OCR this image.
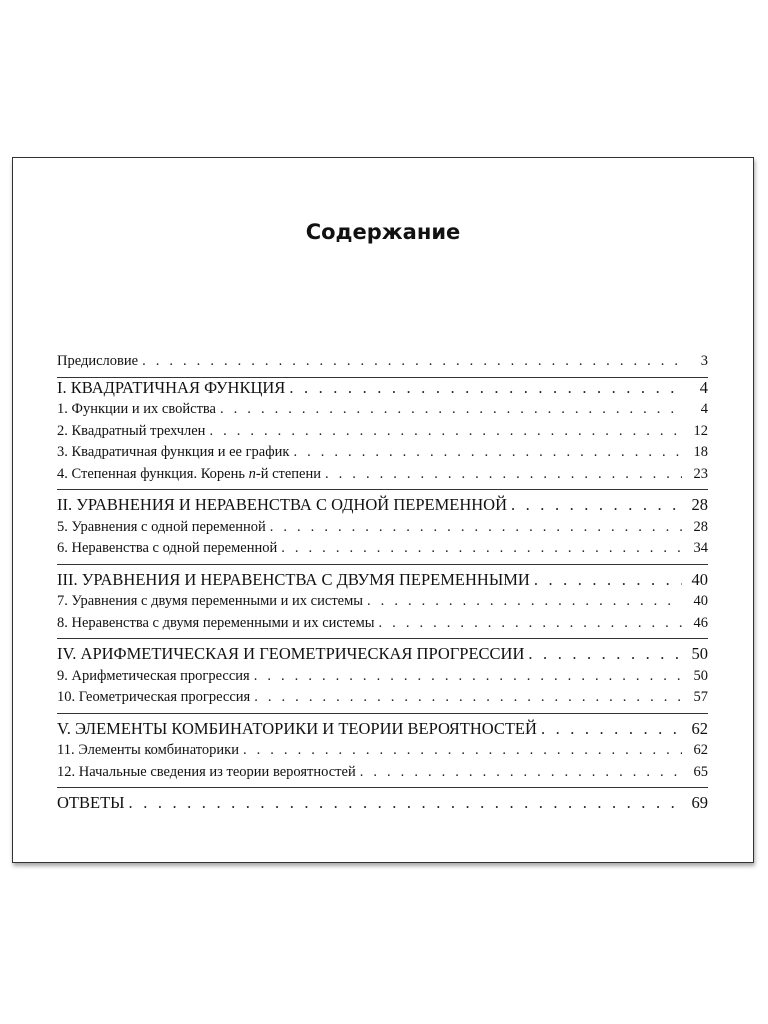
Содержание
Предисловие . . .	3
I. КВАДРАТИЧНАЯ ФУНКЦИЯ . . .	4
1. Функции и их свойства . . .	4
2. Квадратный трехчлен . . .	12
3. Квадратичная функция и ее график . . .	18
4. Степенная функция. Корень n-й степени . . .	23
II. УРАВНЕНИЯ И НЕРАВЕНСТВА С ОДНОЙ ПЕРЕМЕННОЙ . . .	28
5. Уравнения с одной переменной . . .	28
6. Неравенства с одной переменной . . .	34
III. УРАВНЕНИЯ И НЕРАВЕНСТВА С ДВУМЯ ПЕРЕМЕННЫМИ . . .	40
7. Уравнения с двумя переменными и их системы . . .	40
8. Неравенства с двумя переменными и их системы . . .	46
IV. АРИФМЕТИЧЕСКАЯ И ГЕОМЕТРИЧЕСКАЯ ПРОГРЕССИИ . . .	50
9. Арифметическая прогрессия . . .	50
10. Геометрическая прогрессия . . .	57
V. ЭЛЕМЕНТЫ КОМБИНАТОРИКИ И ТЕОРИИ ВЕРОЯТНОСТЕЙ . . .	62
11. Элементы комбинаторики . . .	62
12. Начальные сведения из теории вероятностей . . .	65
ОТВЕТЫ . . .	69
